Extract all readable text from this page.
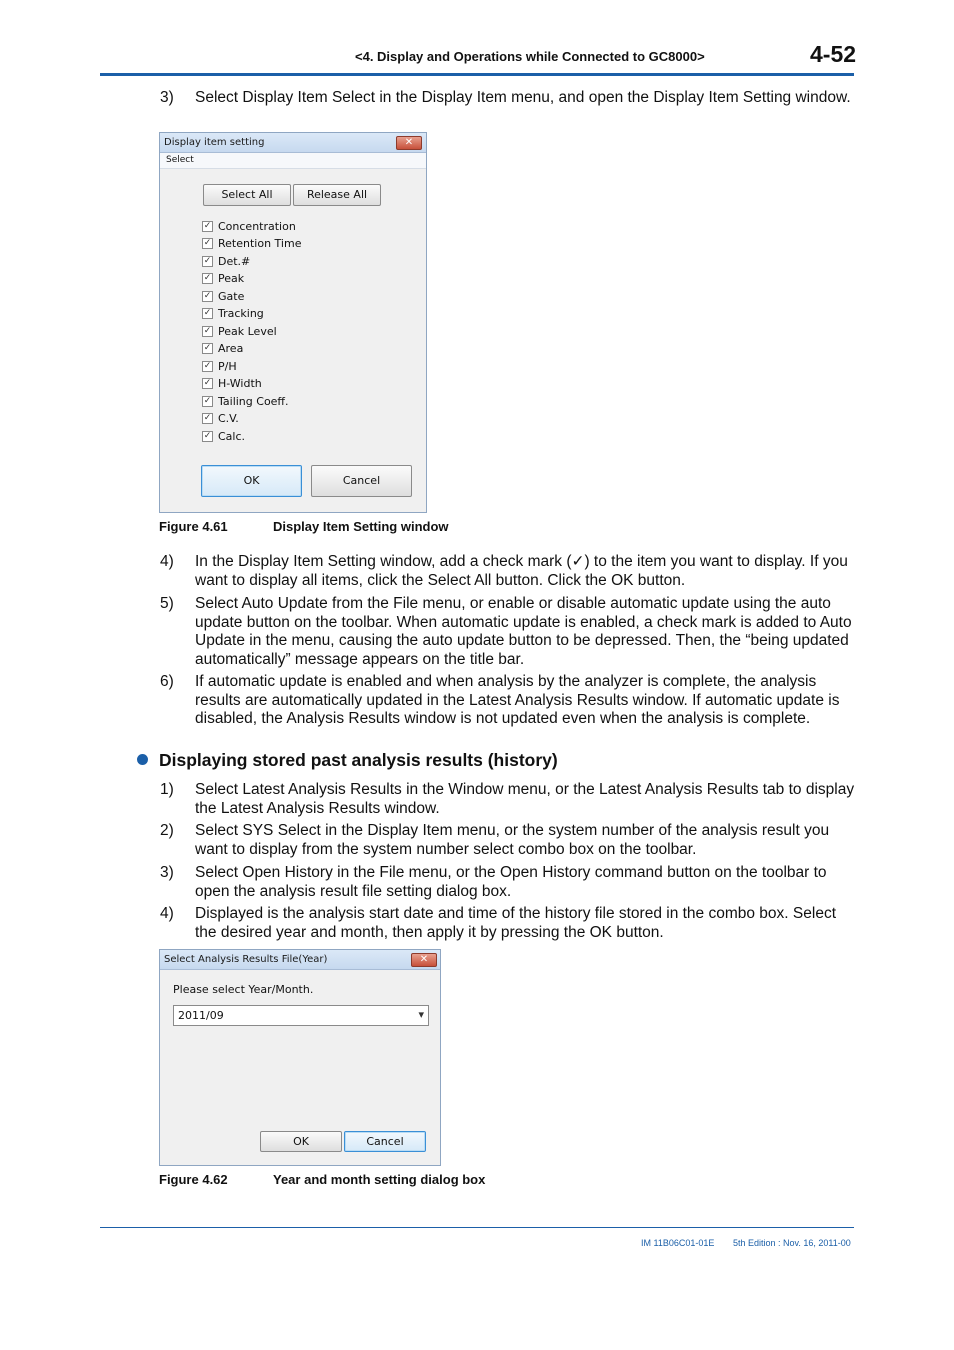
<4. Display and Operations while Connected to GC8000>	4-52
3) Select Display Item Select in the Display Item menu, and open the Display Item Setting window.
Display item setting	✕
Select
Select All	Release All
✓ Concentration
✓ Retention Time
✓ Det.#
✓ Peak
✓ Gate
✓ Tracking
✓ Peak Level
✓ Area
✓ P/H
✓ H-Width
✓ Tailing Coeff.
✓ C.V.
✓ Calc.
OK	Cancel
Figure 4.61	Display Item Setting window
4) In the Display Item Setting window, add a check mark (✓) to the item you want to display. If you want to display all items, click the Select All button. Click the OK button.
5) Select Auto Update from the File menu, or enable or disable automatic update using the auto update button on the toolbar. When automatic update is enabled, a check mark is added to Auto Update in the menu, causing the auto update button to be depressed. Then, the “being updated automatically” message appears on the title bar.
6) If automatic update is enabled and when analysis by the analyzer is complete, the analysis results are automatically updated in the Latest Analysis Results window. If automatic update is disabled, the Analysis Results window is not updated even when the analysis is complete.
Displaying stored past analysis results (history)
1) Select Latest Analysis Results in the Window menu, or the Latest Analysis Results tab to display the Latest Analysis Results window.
2) Select SYS Select in the Display Item menu, or the system number of the analysis result you want to display from the system number select combo box on the toolbar.
3) Select Open History in the File menu, or the Open History command button on the toolbar to open the analysis result file setting dialog box.
4) Displayed is the analysis start date and time of the history file stored in the combo box. Select the desired year and month, then apply it by pressing the OK button.
Select Analysis Results File(Year)	✕
Please select Year/Month.
2011/09	▾
OK	Cancel
Figure 4.62	Year and month setting dialog box
IM 11B06C01-01E 5th Edition : Nov. 16, 2011-00
